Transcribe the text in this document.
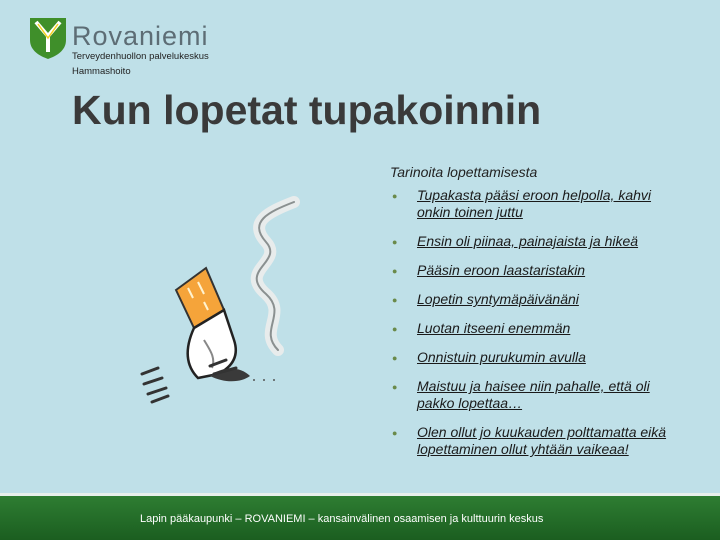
Rovaniemi
Terveydenhuollon palvelukeskus
Hammashoito
Kun lopetat tupakoinnin
Tarinoita lopettamisesta
● Tupakasta pääsi eroon helpolla, kahvi onkin toinen juttu
● Ensin oli piinaa, painajaista ja hikeä
● Pääsin eroon laastaristakin
● Lopetin syntymäpäivänäni
● Luotan itseeni enemmän
● Onnistuin purukumin avulla
● Maistuu ja haisee niin pahalle, että oli pakko lopettaa…
● Olen ollut jo kuukauden polttamatta eikä lopettaminen ollut yhtään vaikeaa!
Lapin pääkaupunki – ROVANIEMI – kansainvälinen osaamisen ja kulttuurin keskus
